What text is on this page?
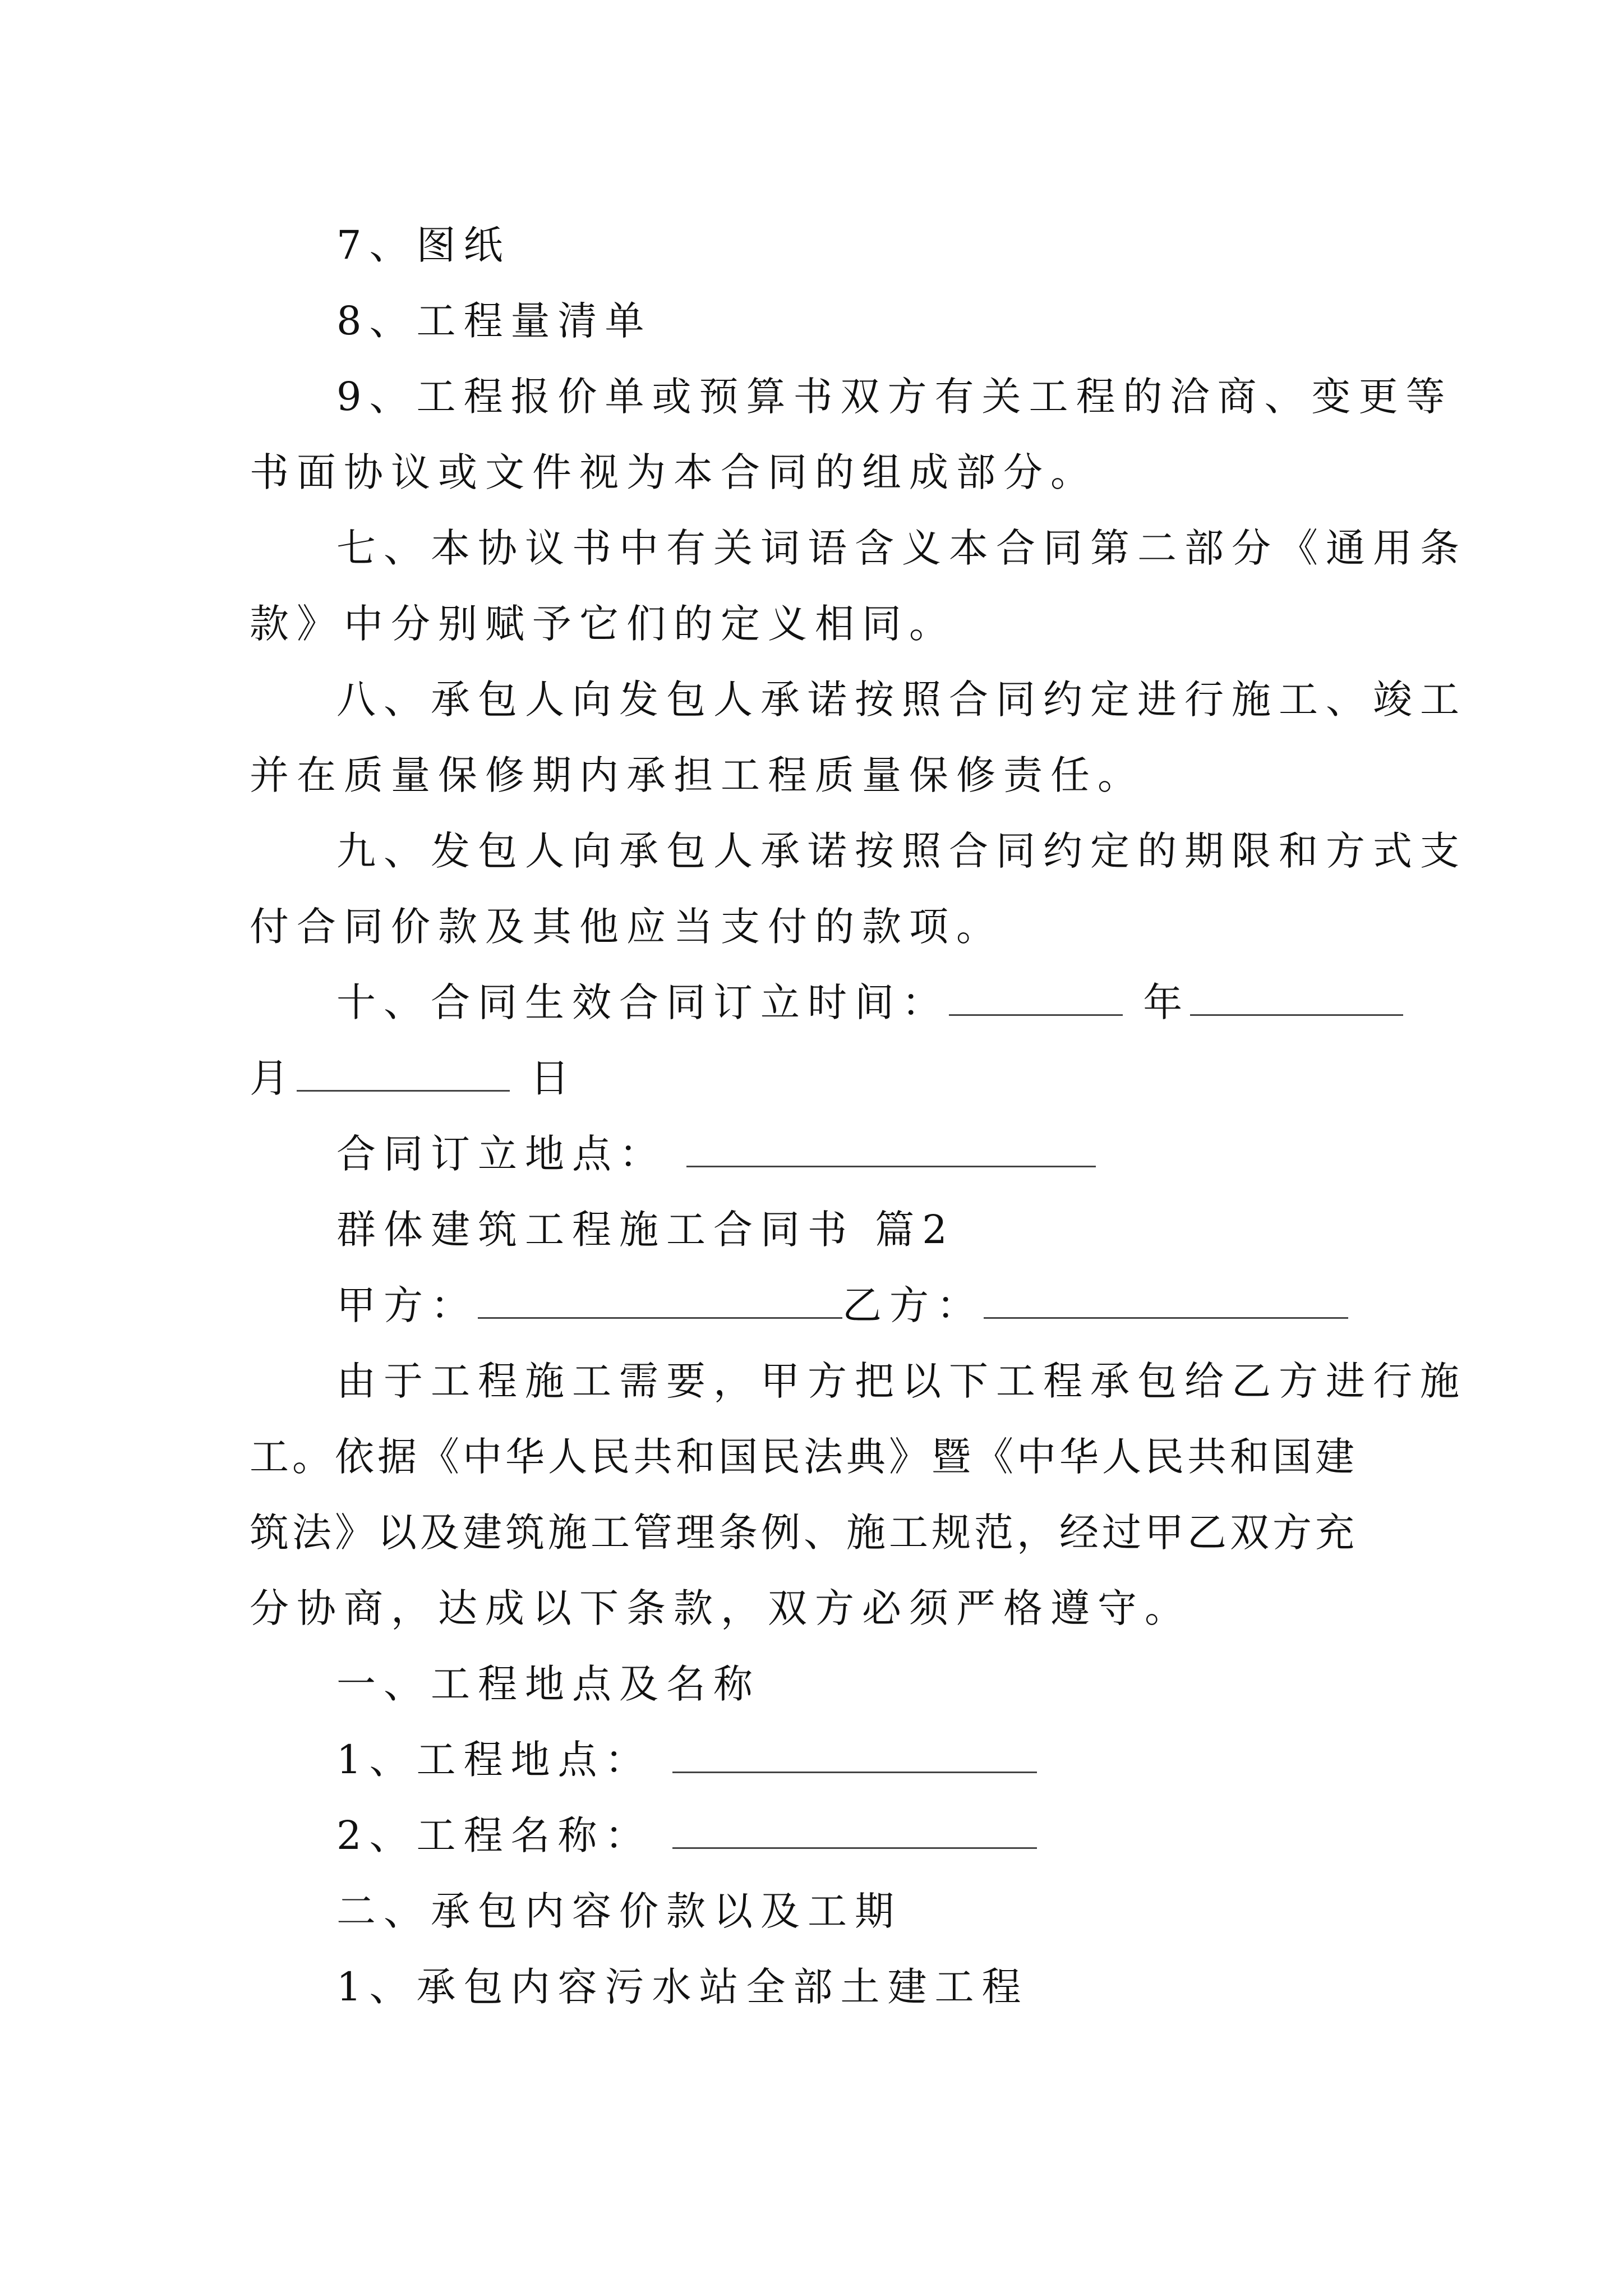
7、图纸
8、工程量清单
9、工程报价单或预算书双方有关工程的洽商、变更等
书面协议或文件视为本合同的组成部分。
七、本协议书中有关词语含义本合同第二部分《通用条
款》中分别赋予它们的定义相同。
八、承包人向发包人承诺按照合同约定进行施工、竣工
并在质量保修期内承担工程质量保修责任。
九、发包人向承包人承诺按照合同约定的期限和方式支
付合同价款及其他应当支付的款项。
十、合同生效合同订立时间：	年
月	日
合同订立地点：
群体建筑工程施工合同书 篇2
甲方：	乙方：
由于工程施工需要，甲方把以下工程承包给乙方进行施
工。依据《中华人民共和国民法典》暨《中华人民共和国建
筑法》以及建筑施工管理条例、施工规范，经过甲乙双方充
分协商，达成以下条款，双方必须严格遵守。
一、工程地点及名称
1、工程地点：
2、工程名称：
二、承包内容价款以及工期
1、承包内容污水站全部土建工程
